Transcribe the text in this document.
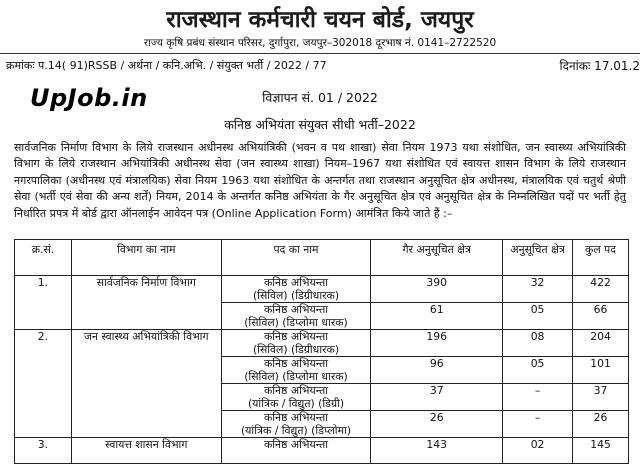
राजस्थान कर्मचारी चयन बोर्ड, जयपुर
राज्य कृषि प्रबंध संस्थान परिसर, दुर्गापुरा, जयपुर–302018 दूरभाष नं. 0141–2722520
क्रमांकः प.14( 91)RSSB / अर्थना / कनि.अभि. / संयुक्त भर्ती / 2022 / 77	दिनांकः 17.01.2
UpJob.in	विज्ञापन सं. 01 / 2022
कनिष्ठ अभियंता संयुक्त सीधी भर्ती–2022
सार्वजनिक निर्माण विभाग के लिये राजस्थान अधीनस्थ अभियांत्रिकी (भवन व पथ शाखा) सेवा नियम 1973 यथा संशोधित, जन स्वास्थ्य अभियांत्रिकी विभाग के लिये राजस्थान अभियांत्रिकी अधीनस्थ सेवा (जन स्वास्थ्य शाखा) नियम–1967 यथा संशोधित एवं स्वायत्त शासन विभाग के लिये राजस्थान नगरपालिका (अधीनस्थ एवं मंत्रालयिक) सेवा नियम 1963 यथा संशोधित के अन्तर्गत तथा राजस्थान अनुसूचित क्षेत्र अधीनस्थ, मंत्रालयिक एवं चतुर्थ श्रेणी सेवा (भर्ती एवं सेवा की अन्य शर्तें) नियम, 2014 के अन्तर्गत कनिष्ठ अभियंता के गैर अनुसूचित क्षेत्र एवं अनुसूचित क्षेत्र के निम्नलिखित पदों पर भर्ती हेतु निर्धारित प्रपत्र में बोर्ड द्वारा ऑनलाईन आवेदन पत्र (Online Application Form) आमंत्रित किये जाते हैं :–
क्र.सं.	विभाग का नाम	पद का नाम	गैर अनुसूचित क्षेत्र	अनुसूचित क्षेत्र	कुल पद
1.	सार्वजनिक निर्माण विभाग	कनिष्ठ अभियन्ता
(सिविल) (डिग्रीधारक)	390	32	422
		कनिष्ठ अभियन्ता
(सिविल) (डिप्लोमा धारक)	61	05	66
2.	जन स्वास्थ्य अभियांत्रिकी विभाग	कनिष्ठ अभियन्ता
(सिविल) (डिग्रीधारक)	196	08	204
		कनिष्ठ अभियन्ता
(सिविल) (डिप्लोमा धारक)	96	05	101
		कनिष्ठ अभियन्ता
(यांत्रिक / विद्युत) (डिग्री)	37	–	37
		कनिष्ठ अभियन्ता
(यांत्रिक / विद्युत) (डिप्लोमा)	26	–	26
3.	स्वायत्त शासन विभाग	कनिष्ठ अभियन्ता	143	02	145
